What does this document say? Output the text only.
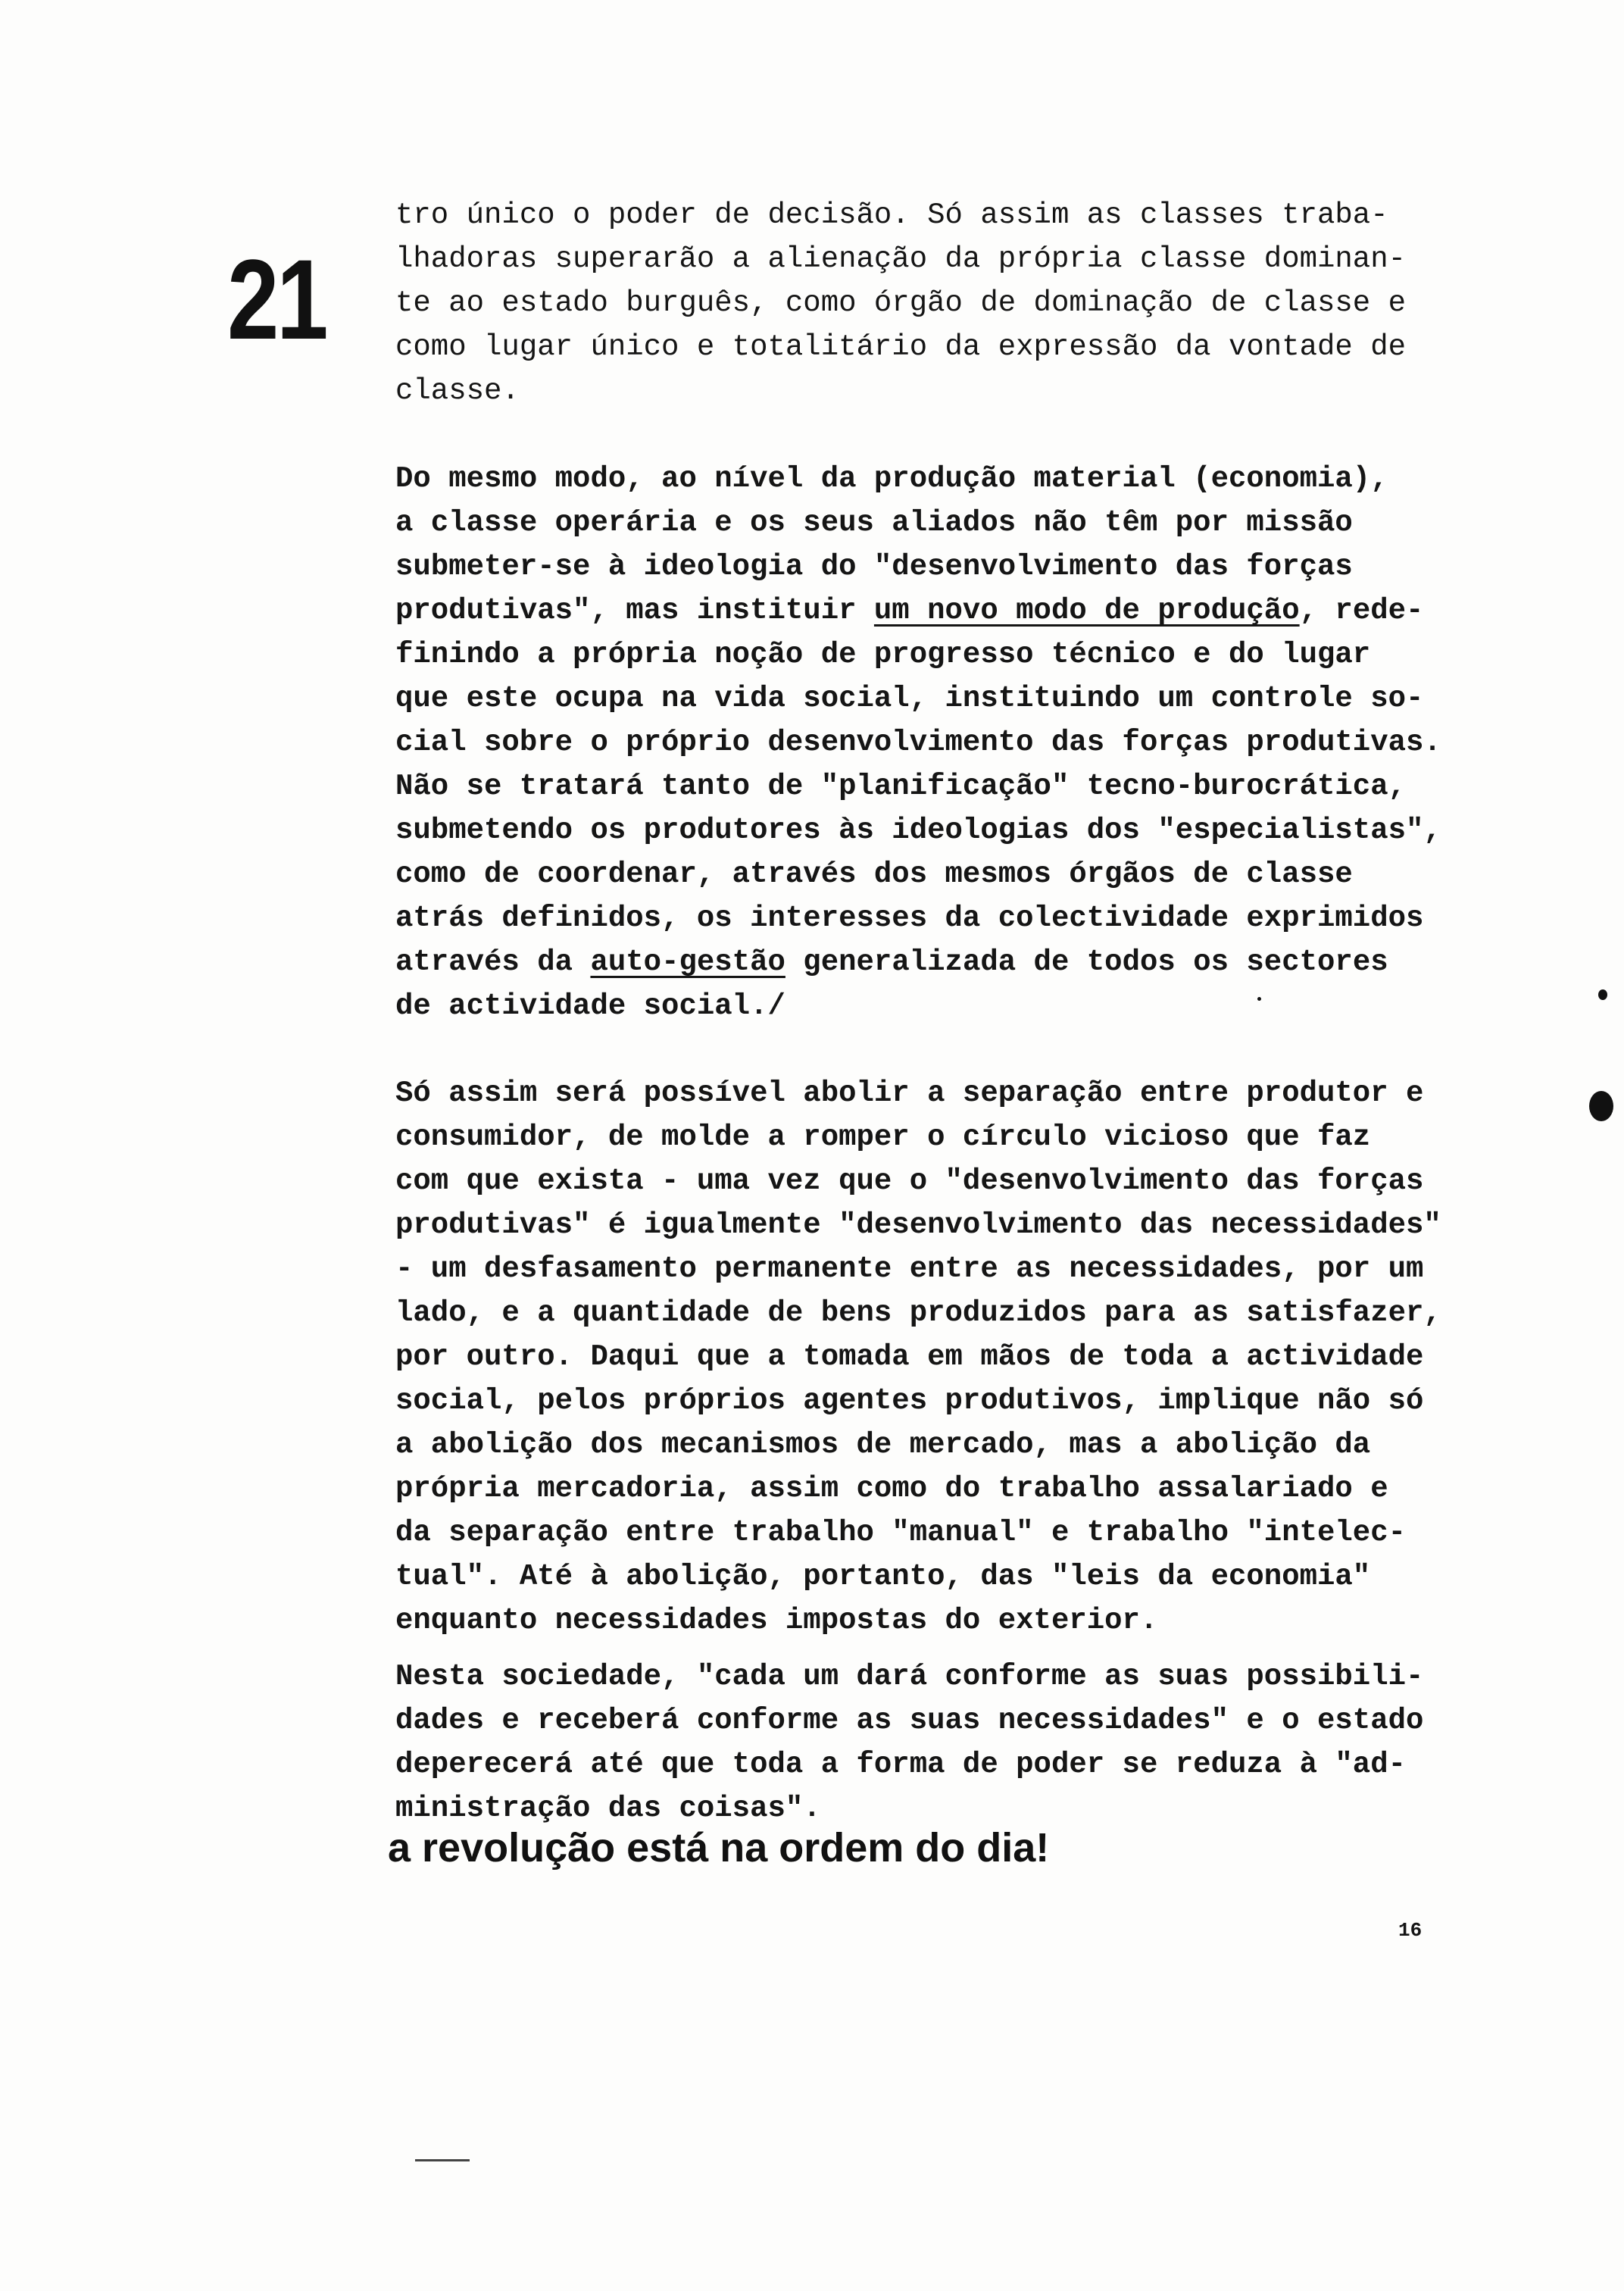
21
tro único o poder de decisão. Só assim as classes traba-
lhadoras superarão a alienação da própria classe dominan-
te ao estado burguês, como órgão de dominação de classe e
como lugar único e totalitário da expressão da vontade de
classe.
Do mesmo modo, ao nível da produção material (economia),
a classe operária e os seus aliados não têm por missão
submeter-se à ideologia do "desenvolvimento das forças
produtivas", mas instituir um novo modo de produção, rede-
finindo a própria noção de progresso técnico e do lugar
que este ocupa na vida social, instituindo um controle so-
cial sobre o próprio desenvolvimento das forças produtivas.
Não se tratará tanto de "planificação" tecno-burocrática,
submetendo os produtores às ideologias dos "especialistas",
como de coordenar, através dos mesmos órgãos de classe
atrás definidos, os interesses da colectividade exprimidos
através da auto-gestão generalizada de todos os sectores
de actividade social./
Só assim será possível abolir a separação entre produtor e
consumidor, de molde a romper o círculo vicioso que faz
com que exista - uma vez que o "desenvolvimento das forças
produtivas" é igualmente "desenvolvimento das necessidades"
- um desfasamento permanente entre as necessidades, por um
lado, e a quantidade de bens produzidos para as satisfazer,
por outro. Daqui que a tomada em mãos de toda a actividade
social, pelos próprios agentes produtivos, implique não só
a abolição dos mecanismos de mercado, mas a abolição da
própria mercadoria, assim como do trabalho assalariado e
da separação entre trabalho "manual" e trabalho "intelec-
tual". Até à abolição, portanto, das "leis da economia"
enquanto necessidades impostas do exterior.
Nesta sociedade, "cada um dará conforme as suas possibili-
dades e receberá conforme as suas necessidades" e o estado
deperecerá até que toda a forma de poder se reduza à "ad-
ministração das coisas".
a revolução está na ordem do dia!
16
